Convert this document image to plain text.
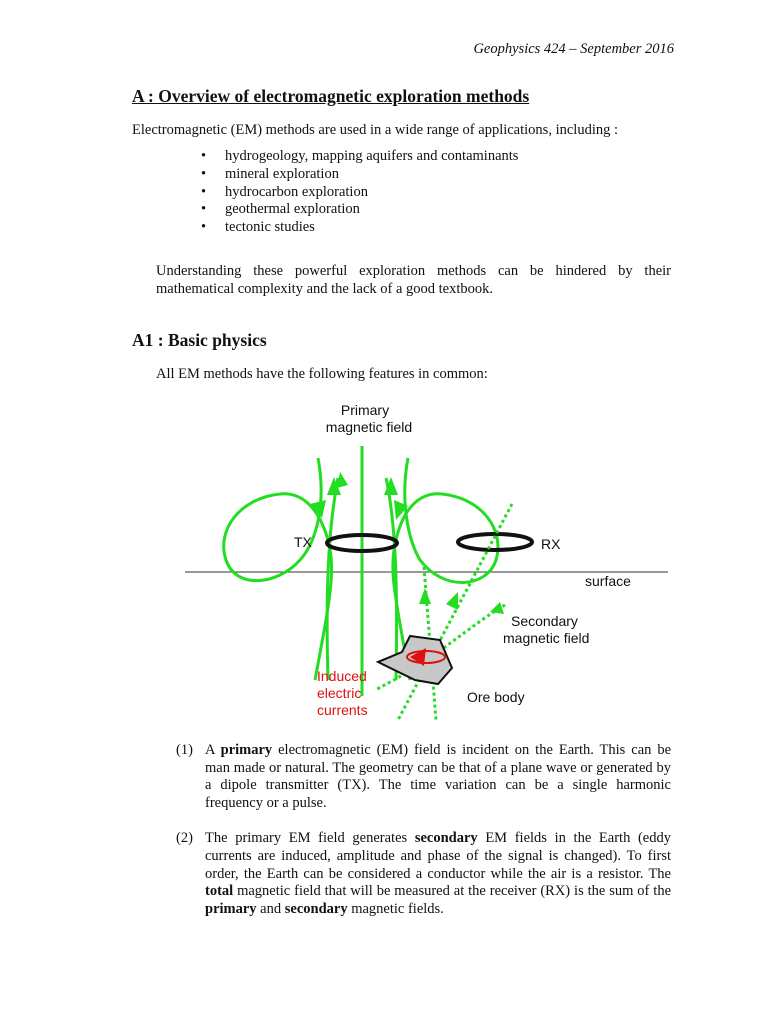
Geophysics 424 – September 2016
A : Overview of electromagnetic exploration methods

Electromagnetic (EM) methods are used in a wide range of applications, including :

• hydrogeology, mapping aquifers and contaminants
• mineral exploration
• hydrocarbon exploration
• geothermal exploration
• tectonic studies

Understanding these powerful exploration methods can be hindered by their mathematical complexity and the lack of a good textbook.

A1 : Basic physics

All EM methods have the following features in common:

Primary
magnetic field
TX	RX
surface
Secondary
magnetic field
Induced
electric
currents
Ore body
(1) A primary electromagnetic (EM) field is incident on the Earth. This can be man made or natural. The geometry can be that of a plane wave or generated by a dipole transmitter (TX). The time variation can be a single harmonic frequency or a pulse.
(2) The primary EM field generates secondary EM fields in the Earth (eddy currents are induced, amplitude and phase of the signal is changed). To first order, the Earth can be considered a conductor while the air is a resistor. The total magnetic field that will be measured at the receiver (RX) is the sum of the primary and secondary magnetic fields.
